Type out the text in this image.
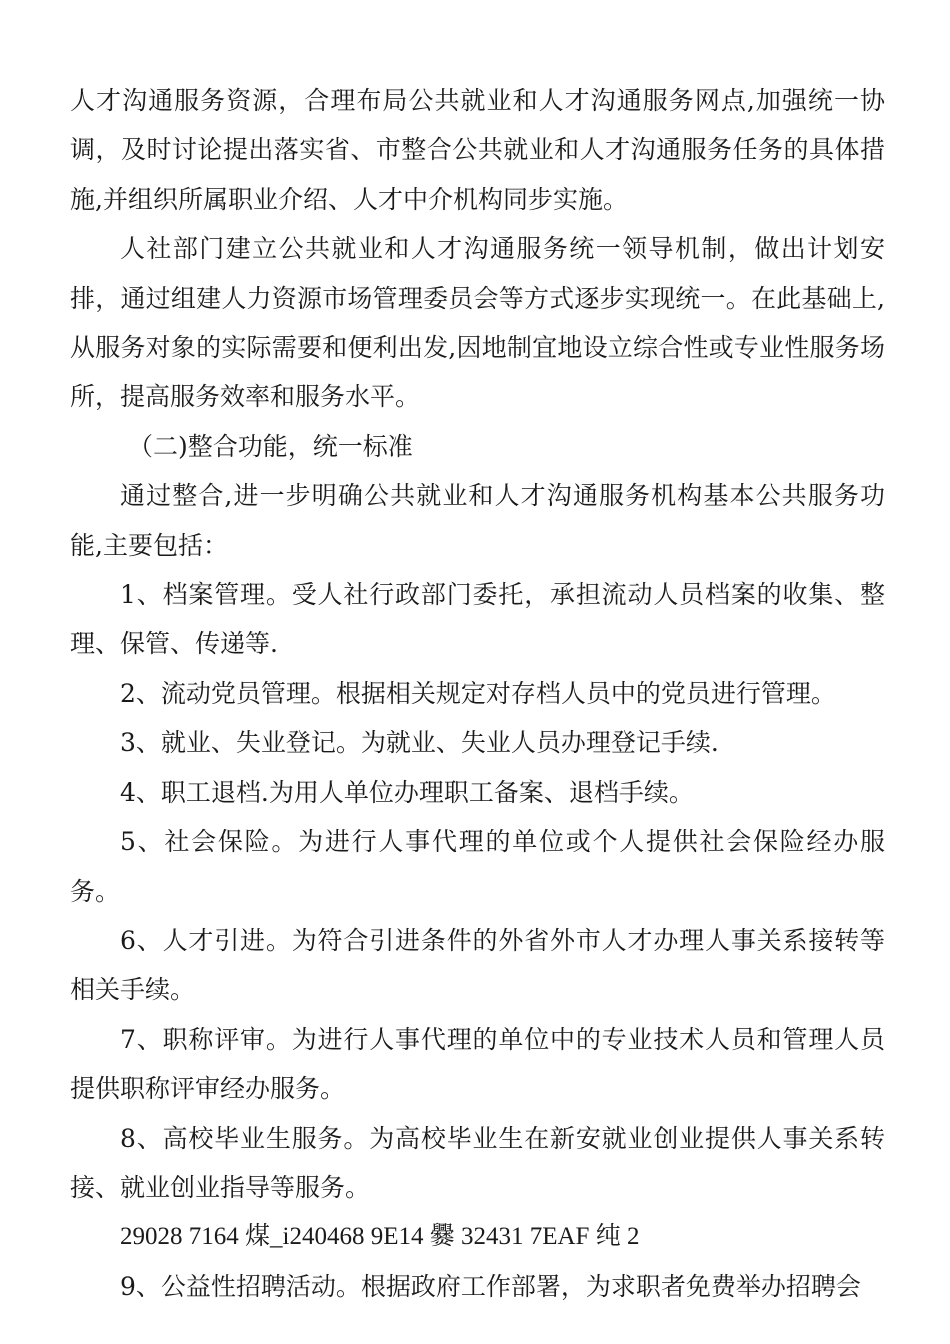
人才沟通服务资源，合理布局公共就业和人才沟通服务网点,加强统一协调，及时讨论提出落实省、市整合公共就业和人才沟通服务任务的具体措施,并组织所属职业介绍、人才中介机构同步实施。

人社部门建立公共就业和人才沟通服务统一领导机制，做出计划安排，通过组建人力资源市场管理委员会等方式逐步实现统一。在此基础上,从服务对象的实际需要和便利出发,因地制宜地设立综合性或专业性服务场所，提高服务效率和服务水平。

（二)整合功能，统一标准

通过整合,进一步明确公共就业和人才沟通服务机构基本公共服务功能,主要包括：

1、档案管理。受人社行政部门委托，承担流动人员档案的收集、整理、保管、传递等.

2、流动党员管理。根据相关规定对存档人员中的党员进行管理。

3、就业、失业登记。为就业、失业人员办理登记手续.

4、职工退档.为用人单位办理职工备案、退档手续。

5、社会保险。为进行人事代理的单位或个人提供社会保险经办服务。

6、人才引进。为符合引进条件的外省外市人才办理人事关系接转等相关手续。

7、职称评审。为进行人事代理的单位中的专业技术人员和管理人员提供职称评审经办服务。

8、高校毕业生服务。为高校毕业生在新安就业创业提供人事关系转接、就业创业指导等服务。

29028 7164 煤_i240468 9E14 爨 32431 7EAF 纯 2

9、公益性招聘活动。根据政府工作部署，为求职者免费举办招聘会
